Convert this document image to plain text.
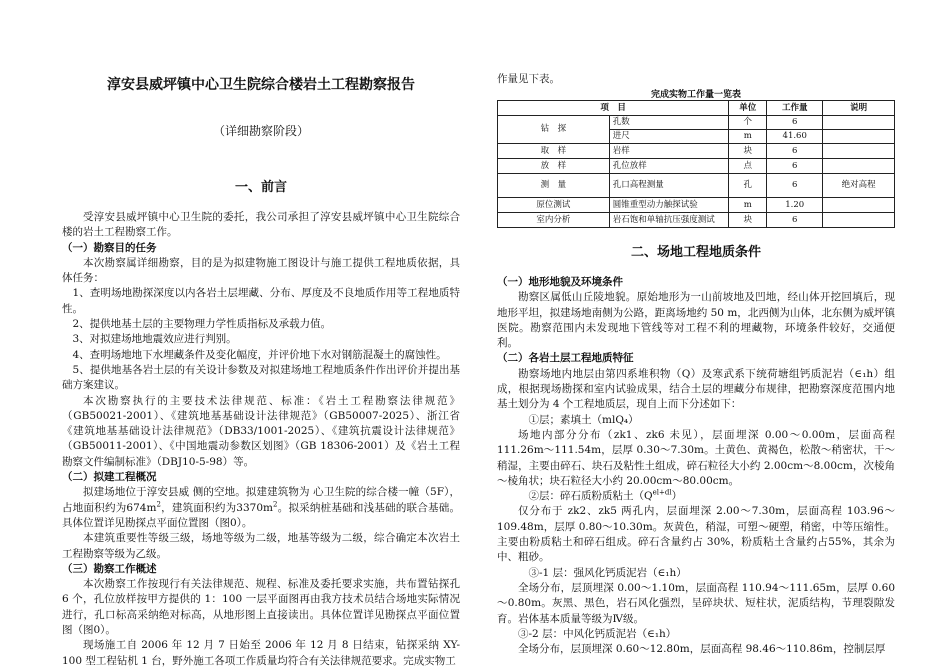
淳安县威坪镇中心卫生院综合楼岩土工程勘察报告
（详细勘察阶段）
一、前言

受淳安县威坪镇中心卫生院的委托，我公司承担了淳安县威坪镇中心卫生院综合楼的岩土工程勘察工作。

（一）勘察目的任务

本次勘察属详细勘察，目的是为拟建物施工图设计与施工提供工程地质依据，具体任务：

1、查明场地勘探深度以内各岩土层埋藏、分布、厚度及不良地质作用等工程地质特性。

2、提供地基土层的主要物理力学性质指标及承载力值。

3、对拟建场地地震效应进行判别。

4、查明场地地下水埋藏条件及变化幅度，并评价地下水对钢筋混凝土的腐蚀性。

5、提供地基各岩土层的有关设计参数及对拟建场地工程地质条件作出评价并提出基础方案建议。

本次勘察执行的主要技术法律规范、标准：《岩土工程勘察法律规范》（GB50021-2001）、《建筑地基基础设计法律规范》（GB50007-2025）、浙江省《建筑地基基础设计法律规范》（DB33/1001-2025）、《建筑抗震设计法律规范》（GB50011-2001）、《中国地震动参数区划图》（GB 18306-2001）及《岩土工程勘察文件编制标准》（DBJ10-5-98）等。

（二）拟建工程概况

拟建场地位于淳安县威 侧的空地。拟建建筑物为 心卫生院的综合楼一幢（5F），占地面积约为$674m^2$，建筑面积约为$3370m^2$。拟采纳桩基础和浅基础的联合基础。具体位置详见勘探点平面位置图（图0）。

本建筑重要性等级三级，场地等级为二级，地基等级为二级，综合确定本次岩土工程勘察等级为乙级。

（三）勘察工作概述

本次勘察工作按现行有关法律规范、规程、标准及委托要求实施，共布置钻探孔 6 个，孔位放样按甲方提供的 1：100 一层平面图再由我方技术员结合场地实际情况进行，孔口标高采纳绝对标高，从地形图上直接读出。具体位置详见勘探点平面位置图（图0）。

现场施工自 2006 年 12 月 7 日始至 2006 年 12 月 8 日结束，钻探采纳 XY-100 型工程钻机 1 台，野外施工各项工作质量均符合有关法律规范要求。完成实物工

作量见下表。

完成实物工作量一览表
项　目		单位	工作量	说明
钻　探	孔数	个	6	
	进尺	m	41.60	
取　样	岩样	块	6	
放　样	孔位放样	点	6	
测　量	孔口高程测量	孔	6	绝对高程
原位测试	圆锥重型动力触探试验	m	1.20	
室内分析	岩石饱和单轴抗压强度测试	块	6	
二、场地工程地质条件

（一）地形地貌及环境条件

勘察区属低山丘陵地貌。原始地形为一山前坡地及凹地，经山体开挖回填后，现地形平坦，拟建场地南侧为公路，距离场地约 50 m，北西侧为山体，北东侧为威坪镇医院。勘察范围内未发现地下管线等对工程不利的埋藏物，环境条件较好，交通便利。

（二）各岩土层工程地质特征

勘察场地内地层由第四系堆积物（Q）及寒武系下统荷塘组钙质泥岩（∈₁h）组成，根据现场勘探和室内试验成果，结合土层的埋藏分布规律，把勘察深度范围内地基土划分为 4 个工程地质层，现自上而下分述如下：

①层；素填土（mlQ₄）

场地内部分分布（zk1、zk6 未见），层面埋深 0.00～0.00m，层面高程111.26m～111.54m，层厚 0.30～7.30m。土黄色、黄褐色，松散～稍密状，干～稍湿，主要由碎石、块石及粘性土组成，碎石粒径大小约 2.00cm～8.00cm，次棱角～棱角状；块石粒径大小约 20.00cm～80.00cm。

②层：碎石质粉质粘土$(Q^{el+dl})$

仅分布于 zk2、zk5 两孔内，层面埋深 2.00～7.30m，层面高程 103.96～109.48m，层厚 0.80～10.30m。灰黄色，稍湿，可塑～硬塑，稍密，中等压缩性。主要由粉质粘土和碎石组成。碎石含量约占 30%，粉质粘土含量约占55%，其余为中、粗砂。

③-1 层：强风化钙质泥岩（∈₁h）

全场分布，层顶埋深 0.00～1.10m，层面高程 110.94～111.65m，层厚 0.60～0.80m。灰黑、黑色，岩石风化强烈，呈碎块状、短柱状，泥质结构，节理裂隙发育。岩体基本质量等级为Ⅳ级。

③-2 层：中风化钙质泥岩（∈₁h）

全场分布，层顶埋深 0.60～12.80m，层面高程 98.46～110.86m，控制层厚
